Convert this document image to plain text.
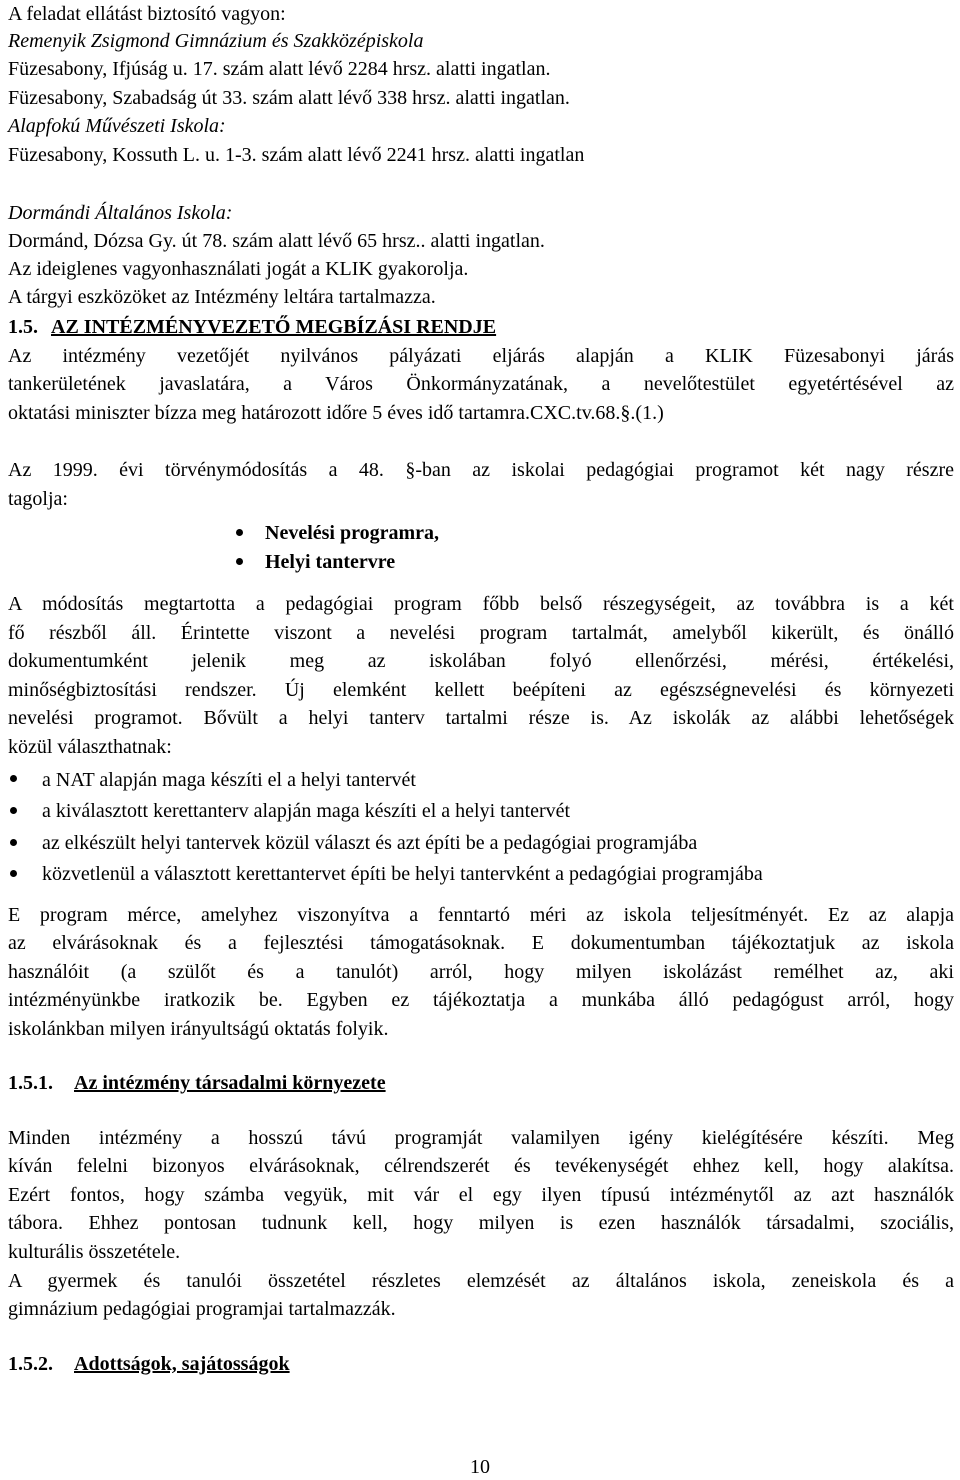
A feladat ellátást biztosító vagyon:
Remenyik Zsigmond Gimnázium és Szakközépiskola
Füzesabony, Ifjúság u. 17. szám alatt lévő 2284 hrsz. alatti ingatlan.
Füzesabony, Szabadság út 33. szám alatt lévő 338 hrsz. alatti ingatlan.
Alapfokú Művészeti Iskola:
Füzesabony, Kossuth L. u. 1-3. szám alatt lévő 2241 hrsz. alatti ingatlan
Dormándi Általános Iskola:
Dormánd, Dózsa Gy. út 78. szám alatt lévő 65 hrsz.. alatti ingatlan.
Az ideiglenes vagyonhasználati jogát a KLIK gyakorolja.
A tárgyi eszközöket az Intézmény leltára tartalmazza.
1.5. AZ INTÉZMÉNYVEZETŐ MEGBÍZÁSI RENDJE
Az intézmény vezetőjét nyilvános pályázati eljárás alapján a KLIK Füzesabonyi járás
tankerületének javaslatára, a Város Önkormányzatának, a nevelőtestület egyetértésével az
oktatási miniszter bízza meg határozott időre 5 éves idő tartamra.CXC.tv.68.§.(1.)
Az 1999. évi törvénymódosítás a 48. §-ban az iskolai pedagógiai programot két nagy részre
tagolja:
Nevelési programra,
Helyi tantervre
A módosítás megtartotta a pedagógiai program főbb belső részegységeit, az továbbra is a két
fő részből áll. Érintette viszont a nevelési program tartalmát, amelyből kikerült, és önálló
dokumentumként jelenik meg az iskolában folyó ellenőrzési, mérési, értékelési,
minőségbiztosítási rendszer. Új elemként kellett beépíteni az egészségnevelési és környezeti
nevelési programot. Bővült a helyi tanterv tartalmi része is. Az iskolák az alábbi lehetőségek
közül választhatnak:
a NAT alapján maga készíti el a helyi tantervét
a kiválasztott kerettanterv alapján maga készíti el a helyi tantervét
az elkészült helyi tantervek közül választ és azt építi be a pedagógiai programjába
közvetlenül a választott kerettantervet építi be helyi tantervként a pedagógiai programjába
E program mérce, amelyhez viszonyítva a fenntartó méri az iskola teljesítményét. Ez az alapja
az elvárásoknak és a fejlesztési támogatásoknak. E dokumentumban tájékoztatjuk az iskola
használóit (a szülőt és a tanulót) arról, hogy milyen iskolázást remélhet az, aki
intézményünkbe iratkozik be. Egyben ez tájékoztatja a munkába álló pedagógust arról, hogy
iskolánkban milyen irányultságú oktatás folyik.
1.5.1. Az intézmény társadalmi környezete
Minden intézmény a hosszú távú programját valamilyen igény kielégítésére készíti. Meg
kíván felelni bizonyos elvárásoknak, célrendszerét és tevékenységét ehhez kell, hogy alakítsa.
Ezért fontos, hogy számba vegyük, mit vár el egy ilyen típusú intézménytől az azt használók
tábora. Ehhez pontosan tudnunk kell, hogy milyen is ezen használók társadalmi, szociális,
kulturális összetétele.
A gyermek és tanulói összetétel részletes elemzését az általános iskola, zeneiskola és a
gimnázium pedagógiai programjai tartalmazzák.
1.5.2. Adottságok, sajátosságok
10
